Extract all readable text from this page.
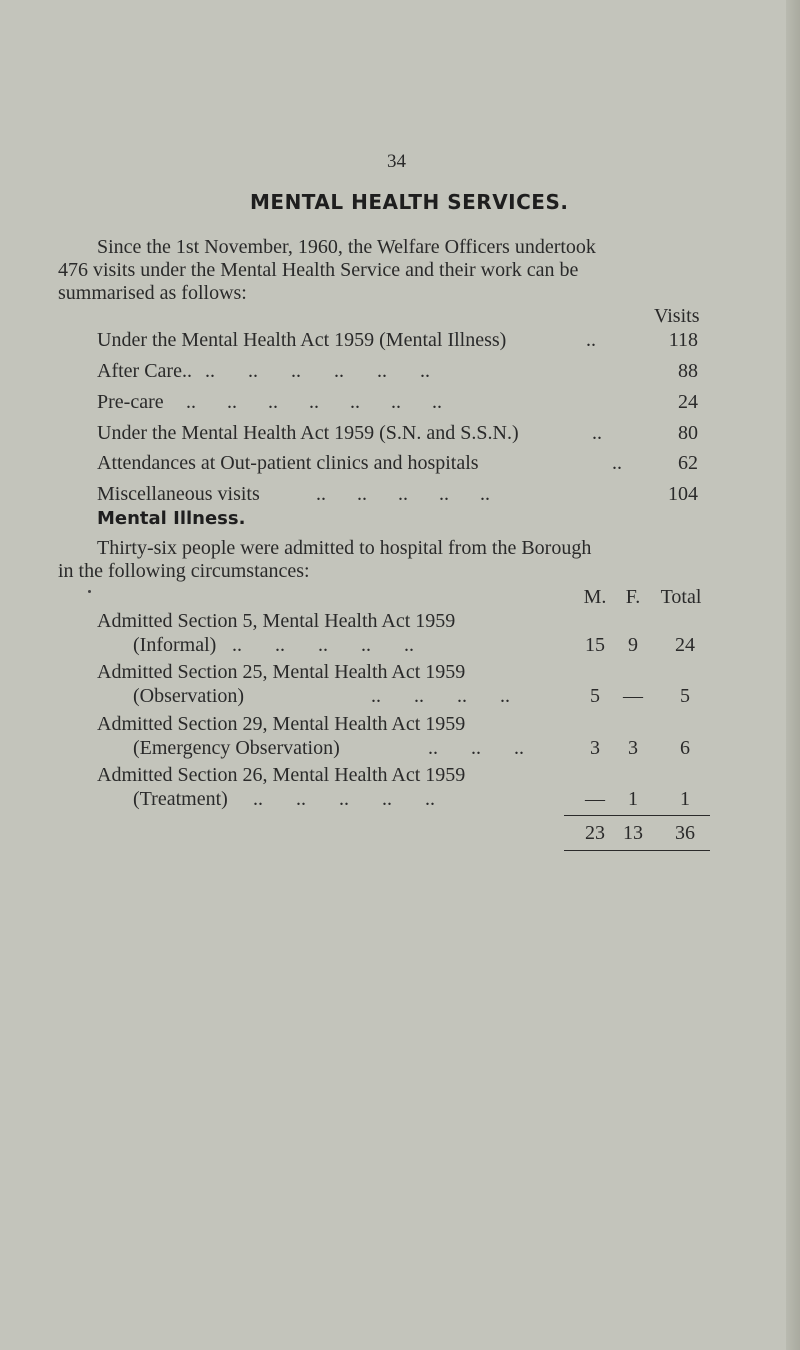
34
MENTAL HEALTH SERVICES.
Since the 1st November, 1960, the Welfare Officers undertook
476 visits under the Mental Health Service and their work can be
summarised as follows:
Visits
Under the Mental Health Act 1959 (Mental Illness)	..	118
After Care.. .. .. .. .. .. ..	88
Pre-care .. .. .. .. .. .. ..	24
Under the Mental Health Act 1959 (S.N. and S.S.N.)	..	80
Attendances at Out-patient clinics and hospitals	..	62
Miscellaneous visits	.. .. .. .. ..	104
Mental Illness.
Thirty-six people were admitted to hospital from the Borough
in the following circumstances:
M. F.	Total
Admitted Section 5, Mental Health Act 1959
(Informal) .. .. .. .. ..	15	9	24
Admitted Section 25, Mental Health Act 1959
(Observation)	.. .. .. ..	5	—	5
Admitted Section 29, Mental Health Act 1959
(Emergency Observation)	.. .. ..	3	3	6
Admitted Section 26, Mental Health Act 1959
(Treatment) .. .. .. .. ..	—	1	1
23 13	36
